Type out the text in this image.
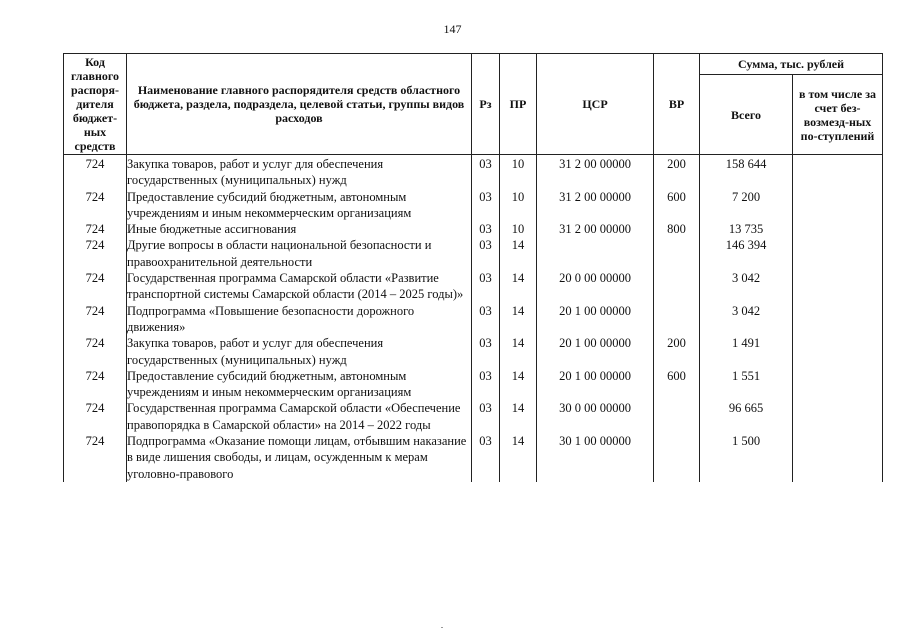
147
Код главного распоря-дителя бюджет-ных средств	Наименование главного распорядителя средств областного бюджета, раздела, подраздела, целевой статьи, группы видов расходов	Рз	ПР	ЦСР	ВР	Сумма, тыс. рублей	
						Всего	в том числе за счет без-возмезд-ных по-ступлений
724	Закупка товаров, работ и услуг для обеспечения государственных (муниципальных) нужд	03	10	31 2 00 00000	200	158 644	
724	Предоставление субсидий бюджетным, автономным учреждениям и иным некоммерческим организациям	03	10	31 2 00 00000	600	7 200	
724	Иные бюджетные ассигнования	03	10	31 2 00 00000	800	13 735	
724	Другие вопросы в области национальной безопасности и правоохранительной деятельности	03	14			146 394	
724	Государственная программа Самарской области «Развитие транспортной системы Самарской области (2014 – 2025 годы)»	03	14	20 0 00 00000		3 042	
724	Подпрограмма «Повышение безопасности дорожного движения»	03	14	20 1 00 00000		3 042	
724	Закупка товаров, работ и услуг для обеспечения государственных (муниципальных) нужд	03	14	20 1 00 00000	200	1 491	
724	Предоставление субсидий бюджетным, автономным учреждениям и иным некоммерческим организациям	03	14	20 1 00 00000	600	1 551	
724	Государственная программа Самарской области «Обеспечение правопорядка в Самарской области» на 2014 – 2022 годы	03	14	30 0 00 00000		96 665	
724	Подпрограмма «Оказание помощи лицам, отбывшим наказание в виде лишения свободы, и лицам, осужденным к мерам уголовно-правового	03	14	30 1 00 00000		1 500	
